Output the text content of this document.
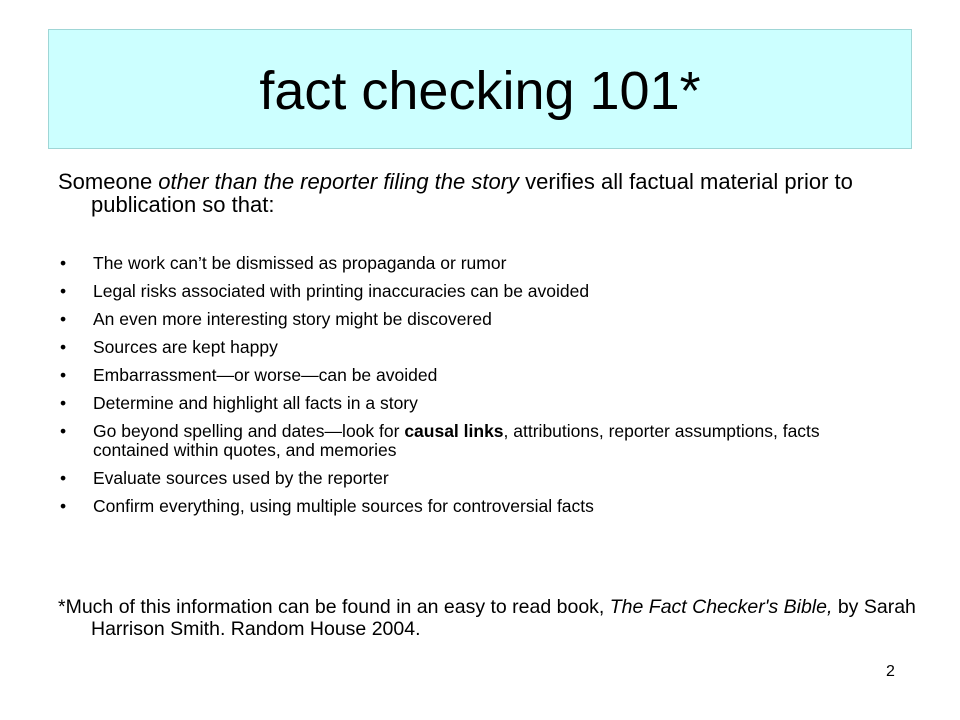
fact checking 101*
Someone other than the reporter filing the story verifies all factual material prior to publication so that:
• The work can’t be dismissed as propaganda or rumor
• Legal risks associated with printing inaccuracies can be avoided
• An even more interesting story might be discovered
• Sources are kept happy
• Embarrassment—or worse—can be avoided
• Determine and highlight all facts in a story
• Go beyond spelling and dates—look for causal links, attributions, reporter assumptions, facts contained within quotes, and memories
• Evaluate sources used by the reporter
• Confirm everything, using multiple sources for controversial facts
*Much of this information can be found in an easy to read book, The Fact Checker's Bible, by Sarah Harrison Smith. Random House 2004.
2
